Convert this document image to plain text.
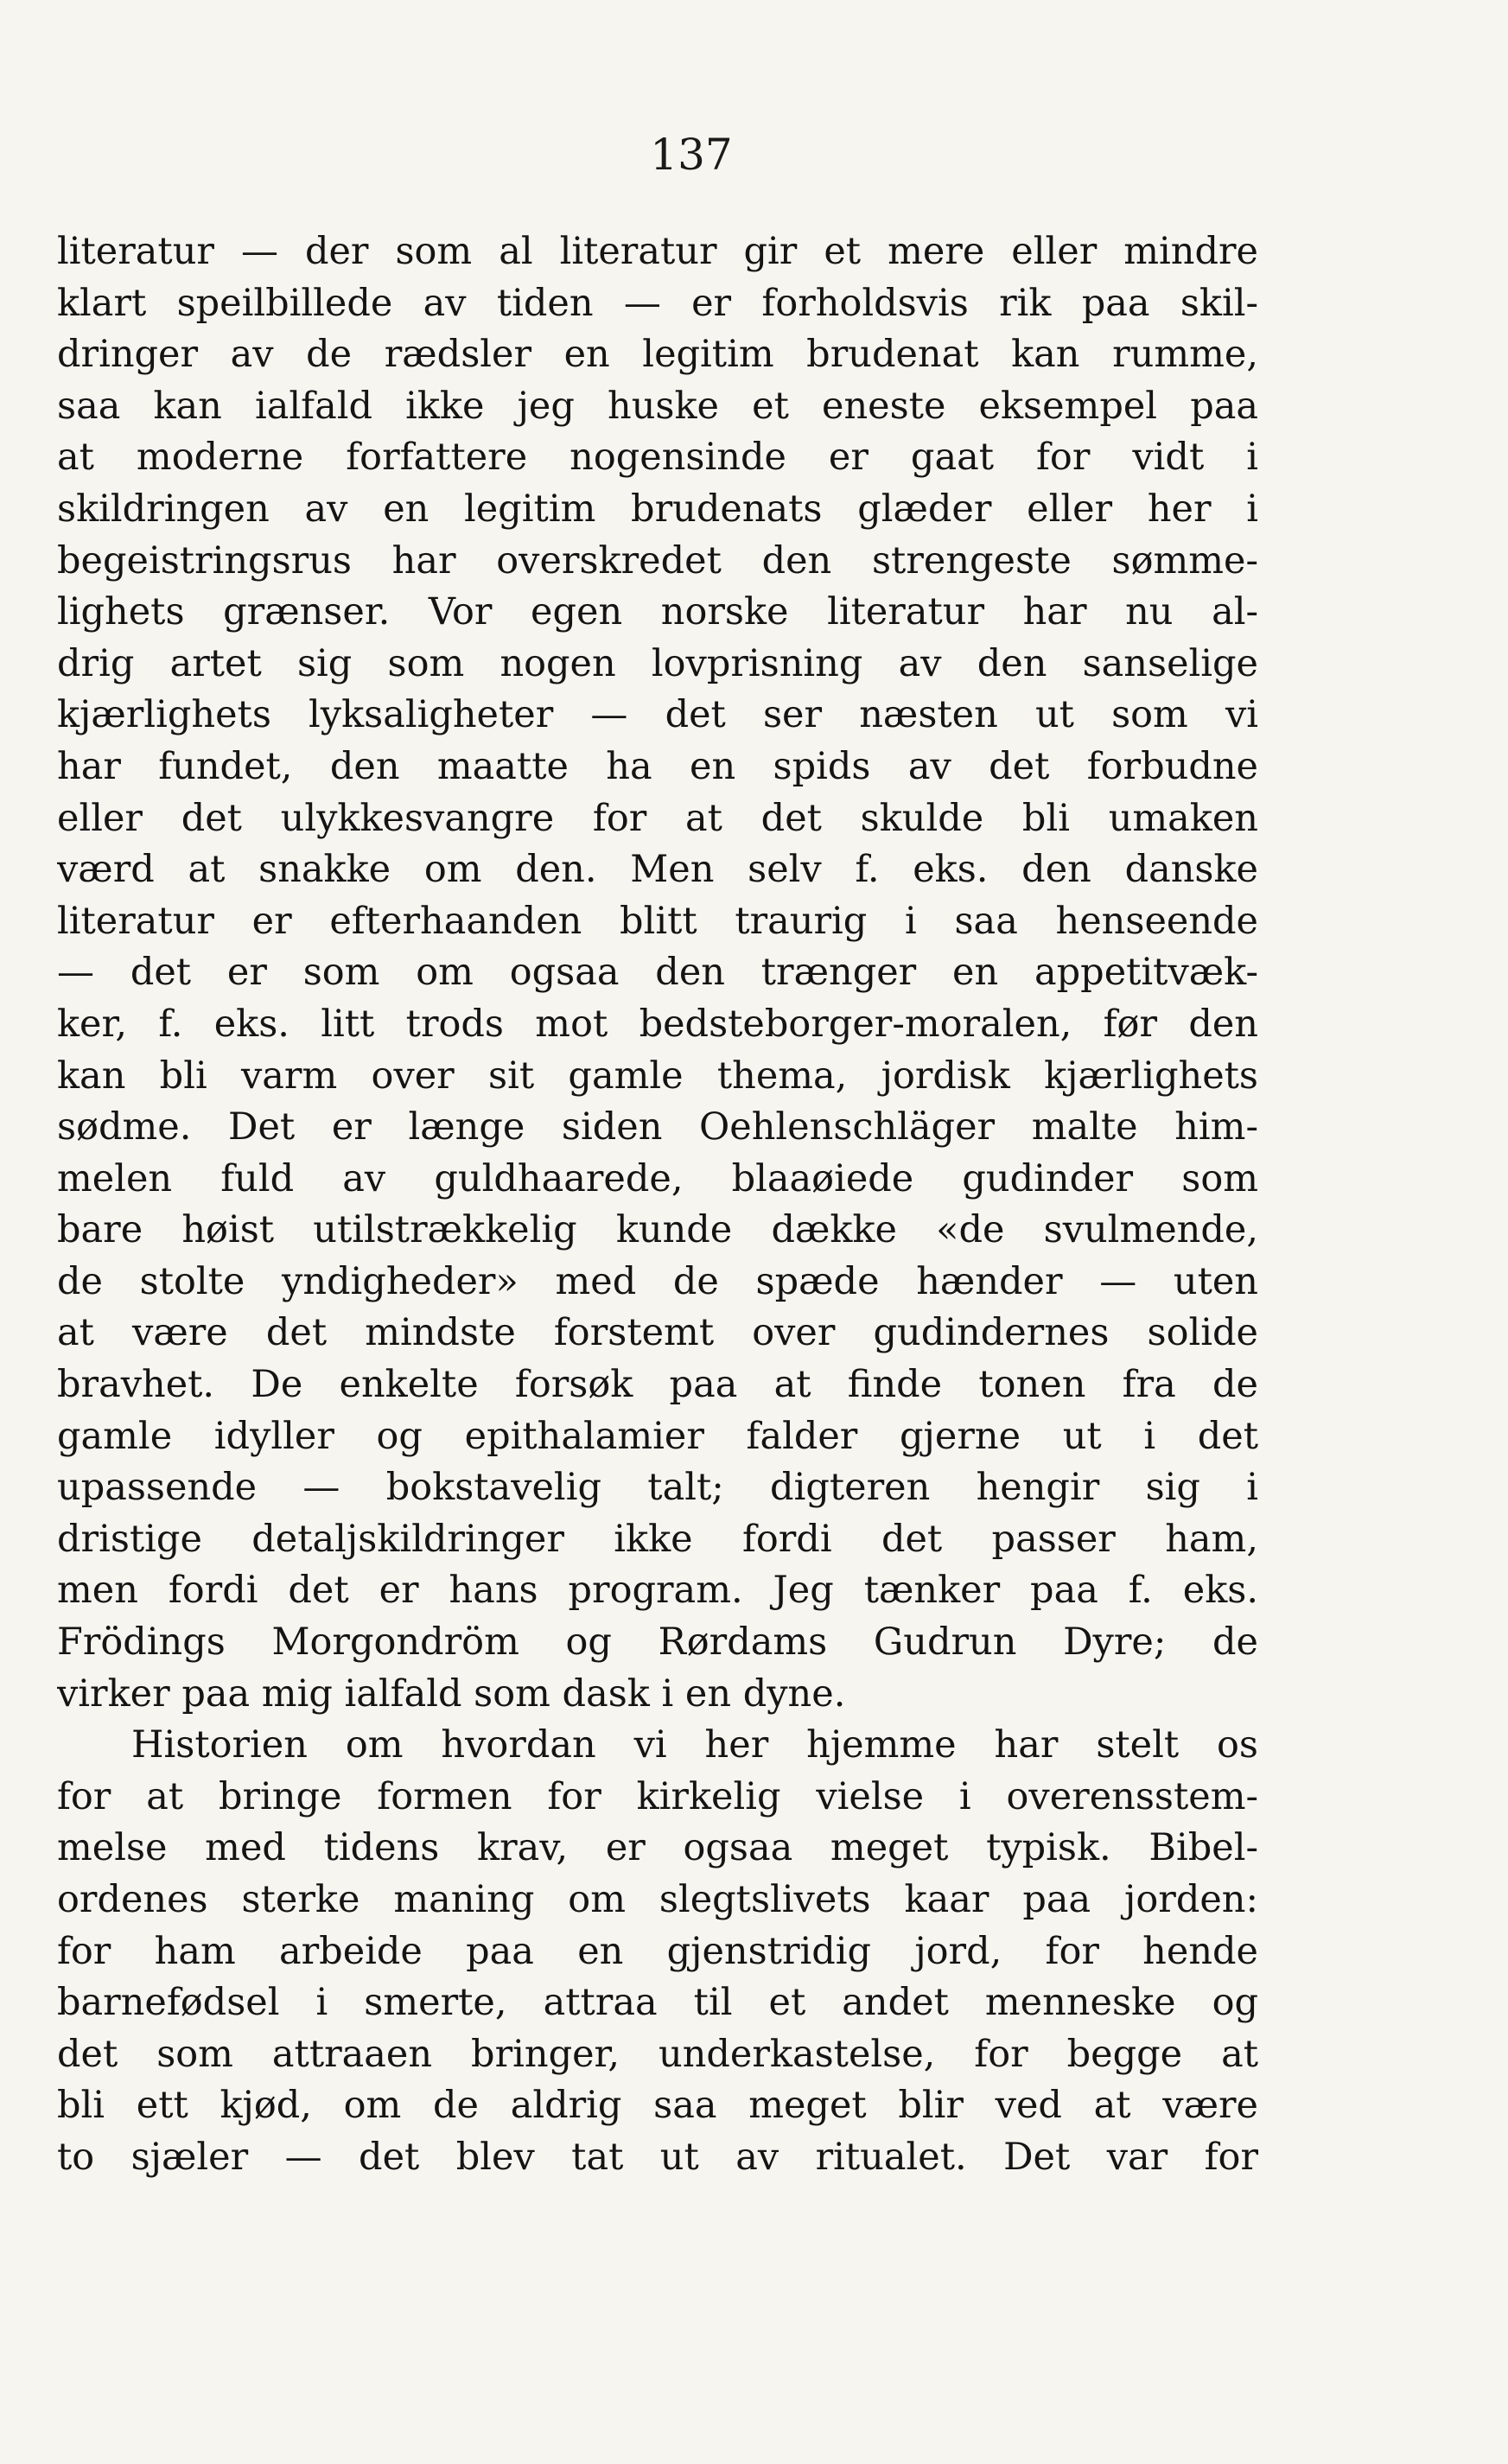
137
literatur — der som al literatur gir et mere eller mindre
klart speilbillede av tiden — er forholdsvis rik paa skil-
dringer av de rædsler en legitim brudenat kan rumme,
saa kan ialfald ikke jeg huske et eneste eksempel paa
at moderne forfattere nogensinde er gaat for vidt i
skildringen av en legitim brudenats glæder eller her i
begeistringsrus har overskredet den strengeste sømme-
lighets grænser. Vor egen norske literatur har nu al-
drig artet sig som nogen lovprisning av den sanselige
kjærlighets lyksaligheter — det ser næsten ut som vi
har fundet, den maatte ha en spids av det forbudne
eller det ulykkesvangre for at det skulde bli umaken
værd at snakke om den. Men selv f. eks. den danske
literatur er efterhaanden blitt traurig i saa henseende
— det er som om ogsaa den trænger en appetitvæk-
ker, f. eks. litt trods mot bedsteborger-moralen, før den
kan bli varm over sit gamle thema, jordisk kjærlighets
sødme. Det er længe siden Oehlenschläger malte him-
melen fuld av guldhaarede, blaaøiede gudinder som
bare høist utilstrækkelig kunde dække «de svulmende,
de stolte yndigheder» med de spæde hænder — uten
at være det mindste forstemt over gudindernes solide
bravhet. De enkelte forsøk paa at finde tonen fra de
gamle idyller og epithalamier falder gjerne ut i det
upassende — bokstavelig talt; digteren hengir sig i
dristige detaljskildringer ikke fordi det passer ham,
men fordi det er hans program. Jeg tænker paa f. eks.
Frödings Morgondröm og Rørdams Gudrun Dyre; de
virker paa mig ialfald som dask i en dyne.
Historien om hvordan vi her hjemme har stelt os
for at bringe formen for kirkelig vielse i overensstem-
melse med tidens krav, er ogsaa meget typisk. Bibel-
ordenes sterke maning om slegtslivets kaar paa jorden:
for ham arbeide paa en gjenstridig jord, for hende
barnefødsel i smerte, attraa til et andet menneske og
det som attraaen bringer, underkastelse, for begge at
bli ett kjød, om de aldrig saa meget blir ved at være
to sjæler — det blev tat ut av ritualet. Det var for
